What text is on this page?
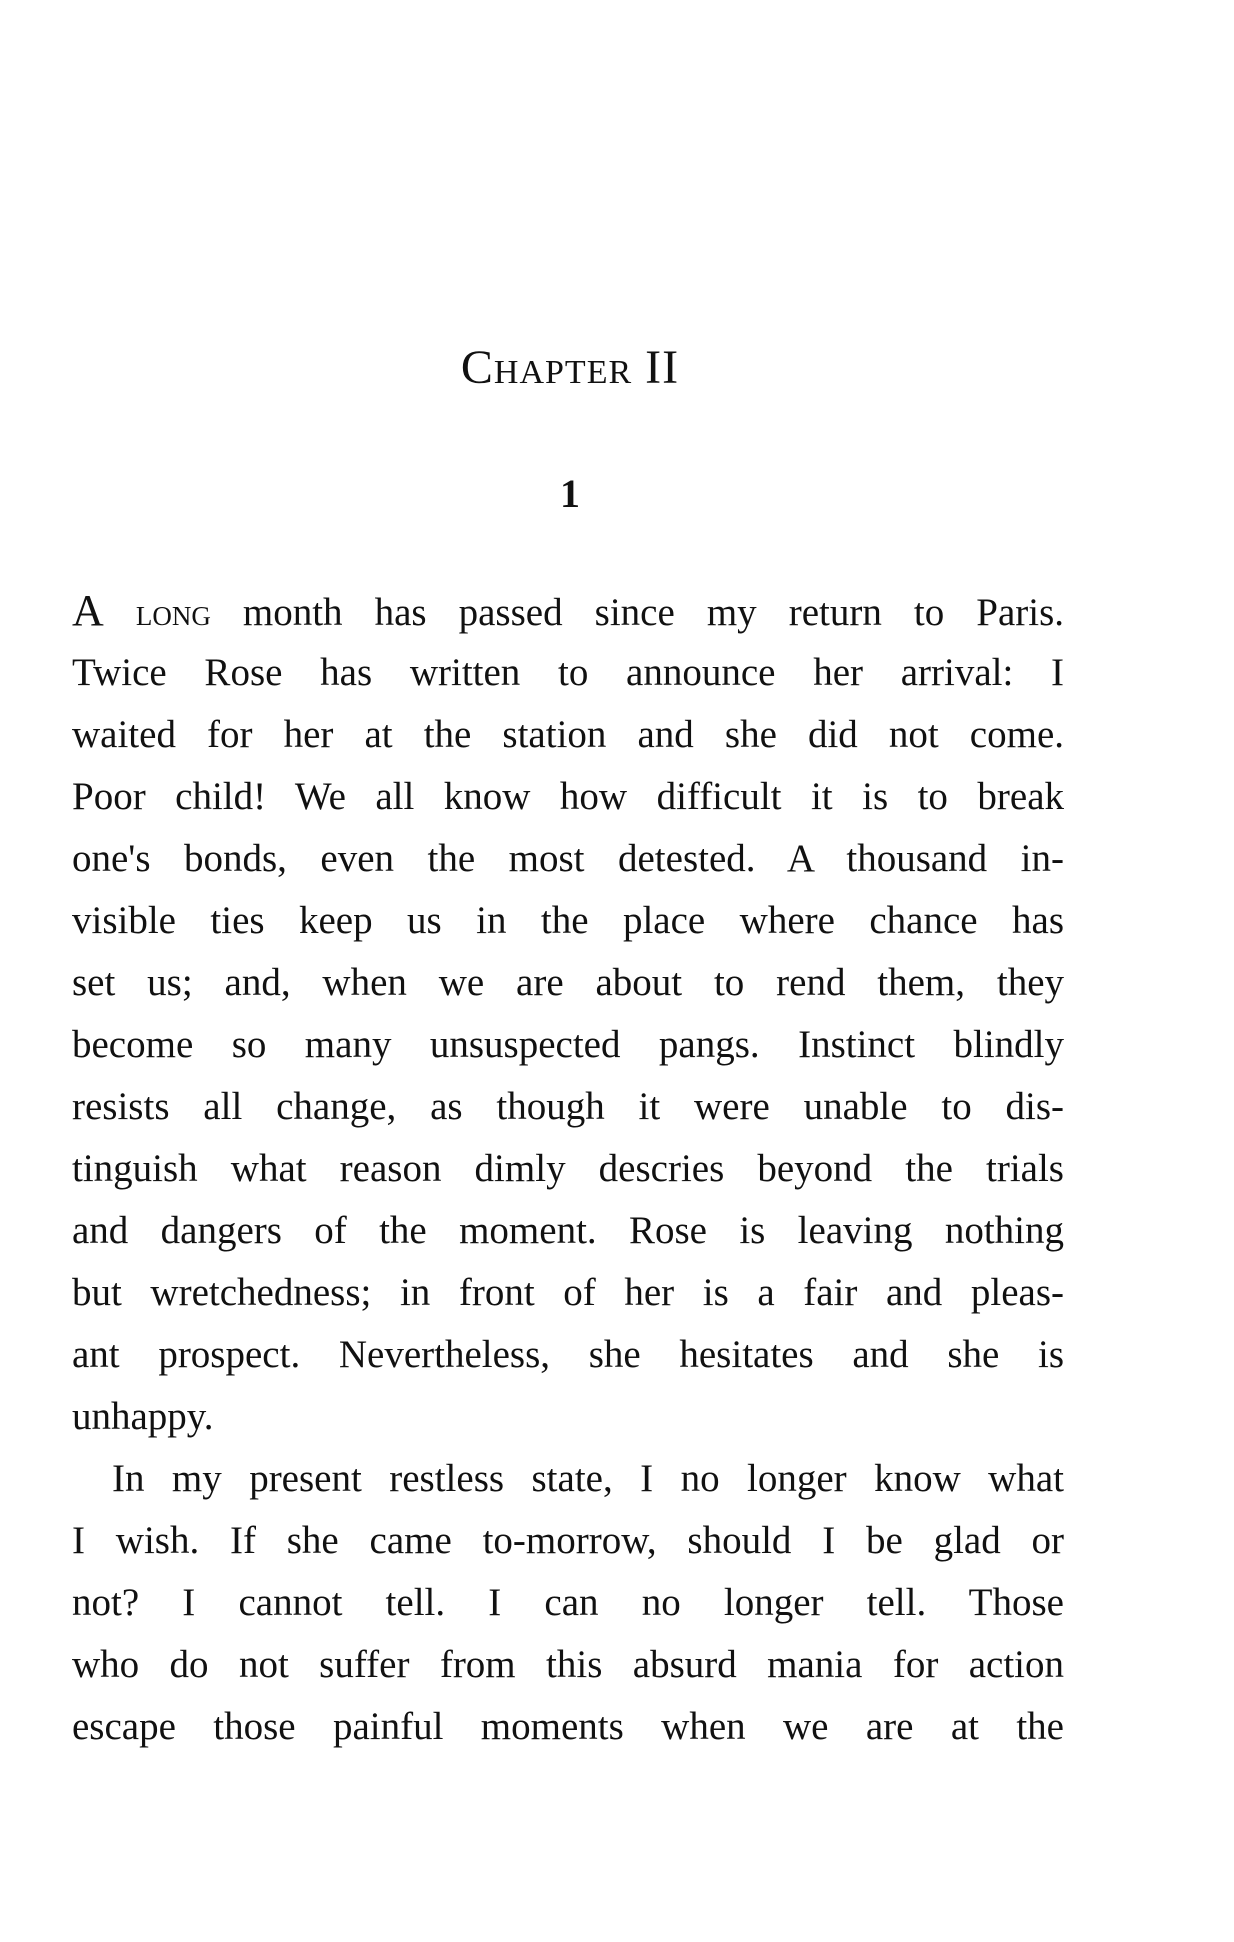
Chapter II
1
A long month has passed since my return to Paris.
Twice Rose has written to announce her arrival: I
waited for her at the station and she did not come.
Poor child! We all know how difficult it is to break
one's bonds, even the most detested. A thousand in-
visible ties keep us in the place where chance has
set us; and, when we are about to rend them, they
become so many unsuspected pangs. Instinct blindly
resists all change, as though it were unable to dis-
tinguish what reason dimly descries beyond the trials
and dangers of the moment. Rose is leaving nothing
but wretchedness; in front of her is a fair and pleas-
ant prospect. Nevertheless, she hesitates and she is
unhappy.
In my present restless state, I no longer know what
I wish. If she came to-morrow, should I be glad or
not? I cannot tell. I can no longer tell. Those
who do not suffer from this absurd mania for action
escape those painful moments when we are at the
